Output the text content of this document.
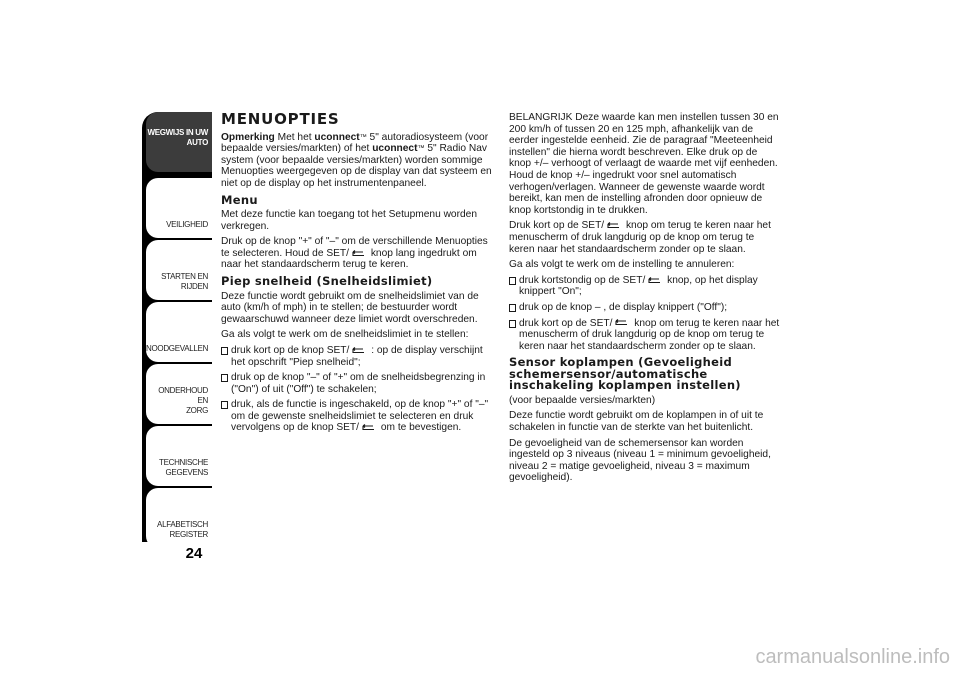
WEGWIJS IN UW
AUTO
VEILIGHEID
STARTEN EN RIJDEN
NOODGEVALLEN
ONDERHOUD EN
ZORG
TECHNISCHE
GEGEVENS
ALFABETISCH
REGISTER
24
MENUOPTIES

Opmerking Met het uconnect™ 5" autoradiosysteem (voor bepaalde versies/markten) of het uconnect™ 5" Radio Nav system (voor bepaalde versies/markten) worden sommige Menuopties weergegeven op de display van dat systeem en niet op de display op het instrumentenpaneel.

Menu

Met deze functie kan toegang tot het Setupmenu worden verkregen.

Druk op de knop "+" of "–" om de verschillende Menuopties te selecteren. Houd de SET/ knop lang ingedrukt om naar het standaardscherm terug te keren.

Piep snelheid (Snelheidslimiet)

Deze functie wordt gebruikt om de snelheidslimiet van de auto (km/h of mph) in te stellen; de bestuurder wordt gewaarschuwd wanneer deze limiet wordt overschreden.

Ga als volgt te werk om de snelheidslimiet in te stellen:

druk kort op de knop SET/ : op de display verschijnt het opschrift "Piep snelheid";
druk op de knop "–" of "+" om de snelheidsbegrenzing in ("On") of uit ("Off") te schakelen;
druk, als de functie is ingeschakeld, op de knop "+" of "–" om de gewenste snelheidslimiet te selecteren en druk vervolgens op de knop SET/ om te bevestigen.

BELANGRIJK Deze waarde kan men instellen tussen 30 en 200 km/h of tussen 20 en 125 mph, afhankelijk van de eerder ingestelde eenheid. Zie de paragraaf "Meeteenheid instellen" die hierna wordt beschreven. Elke druk op de knop +/– verhoogt of verlaagt de waarde met vijf eenheden. Houd de knop +/– ingedrukt voor snel automatisch verhogen/verlagen. Wanneer de gewenste waarde wordt bereikt, kan men de instelling afronden door opnieuw de knop kortstondig in te drukken.

Druk kort op de SET/ knop om terug te keren naar het menuscherm of druk langdurig op de knop om terug te keren naar het standaardscherm zonder op te slaan.

Ga als volgt te werk om de instelling te annuleren:

druk kortstondig op de SET/ knop, op het display knippert "On";
druk op de knop – , de display knippert ("Off");
druk kort op de SET/ knop om terug te keren naar het menuscherm of druk langdurig op de knop om terug te keren naar het standaardscherm zonder op te slaan.
Sensor koplampen (Gevoeligheid schemersensor/automatische inschakeling koplampen instellen)

(voor bepaalde versies/markten)

Deze functie wordt gebruikt om de koplampen in of uit te schakelen in functie van de sterkte van het buitenlicht.

De gevoeligheid van de schemersensor kan worden ingesteld op 3 niveaus (niveau 1 = minimum gevoeligheid, niveau 2 = matige gevoeligheid, niveau 3 = maximum gevoeligheid).

carmanualsonline.info
